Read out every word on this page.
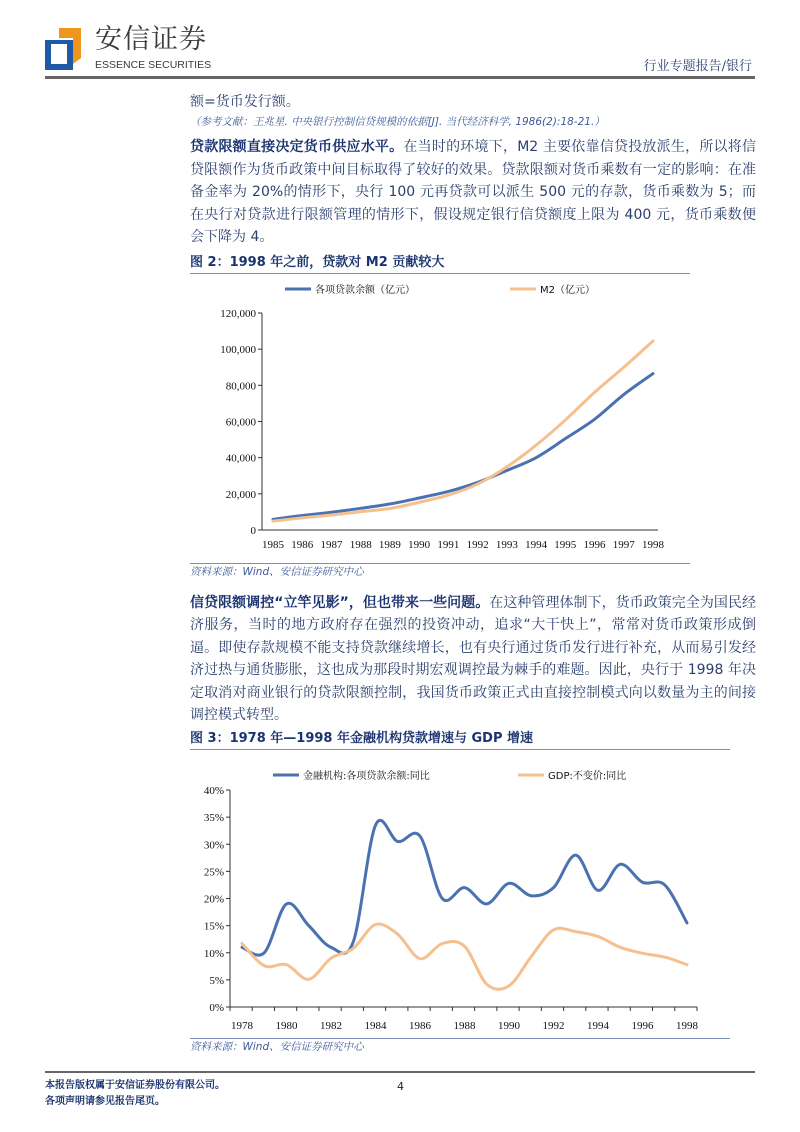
安信证券
ESSENCE SECURITIES	行业专题报告/银行
额=货币发行额。
（参考文献：王兆星. 中央银行控制信贷规模的依据[J]. 当代经济科学, 1986(2):18-21.）
贷款限额直接决定货币供应水平。在当时的环境下，M2 主要依靠信贷投放派生，所以将信贷限额作为货币政策中间目标取得了较好的效果。贷款限额对货币乘数有一定的影响：在准备金率为 20%的情形下，央行 100 元再贷款可以派生 500 元的存款，货币乘数为 5；而在央行对贷款进行限额管理的情形下，假设规定银行信贷额度上限为 400 元，货币乘数便会下降为 4。
图 2：1998 年之前，贷款对 M2 贡献较大
0
20,000
40,000
60,000
80,000
100,000
120,000
1985 1986 1987 1988 1989 1990 1991 1992 1993 1994 1995 1996 1997 1998
各项贷款余额（亿元）	M2（亿元）
资料来源：Wind、安信证券研究中心
信贷限额调控“立竿见影”，但也带来一些问题。在这种管理体制下，货币政策完全为国民经济服务，当时的地方政府存在强烈的投资冲动，追求“大干快上”，常常对货币政策形成倒逼。即使存款规模不能支持贷款继续增长，也有央行通过货币发行进行补充，从而易引发经济过热与通货膨胀，这也成为那段时期宏观调控最为棘手的难题。因此，央行于 1998 年决定取消对商业银行的贷款限额控制，我国货币政策正式由直接控制模式向以数量为主的间接调控模式转型。
图 3：1978 年—1998 年金融机构贷款增速与 GDP 增速
0%
5%
10%
15%
20%
25%
30%
35%
40%
1978 1980 1982 1984 1986 1988 1990 1992 1994 1996 1998
金融机构:各项贷款余额:同比	GDP:不变价:同比
资料来源：Wind、安信证券研究中心
本报告版权属于安信证券股份有限公司。
各项声明请参见报告尾页。
4
